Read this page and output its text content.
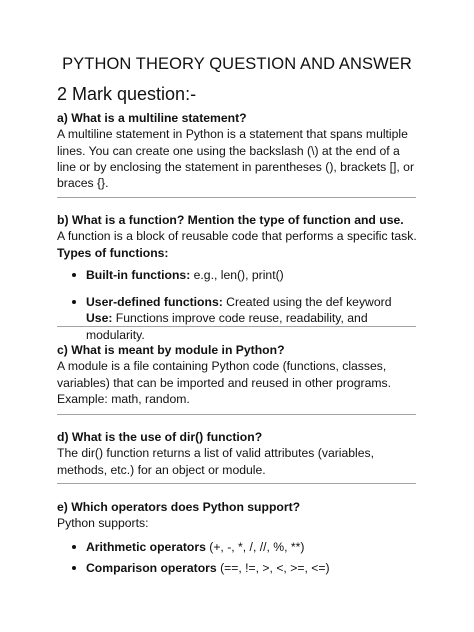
PYTHON THEORY QUESTION AND ANSWER
2 Mark question:-
a) What is a multiline statement?

A multiline statement in Python is a statement that spans multiple lines. You can create one using the backslash (\) at the end of a line or by enclosing the statement in parentheses (), brackets [], or braces {}.

b) What is a function? Mention the type of function and use.

A function is a block of reusable code that performs a specific task.

Types of functions:
Built-in functions: e.g., len(), print()
User-defined functions: Created using the def keyword
Use: Functions improve code reuse, readability, and modularity.
c) What is meant by module in Python?

A module is a file containing Python code (functions, classes, variables) that can be imported and reused in other programs.

Example: math, random.

d) What is the use of dir() function?

The dir() function returns a list of valid attributes (variables, methods, etc.) for an object or module.

e) Which operators does Python support?

Python supports:

Arithmetic operators (+, -, *, /, //, %, **)
Comparison operators (==, !=, >, <, >=, <=)
